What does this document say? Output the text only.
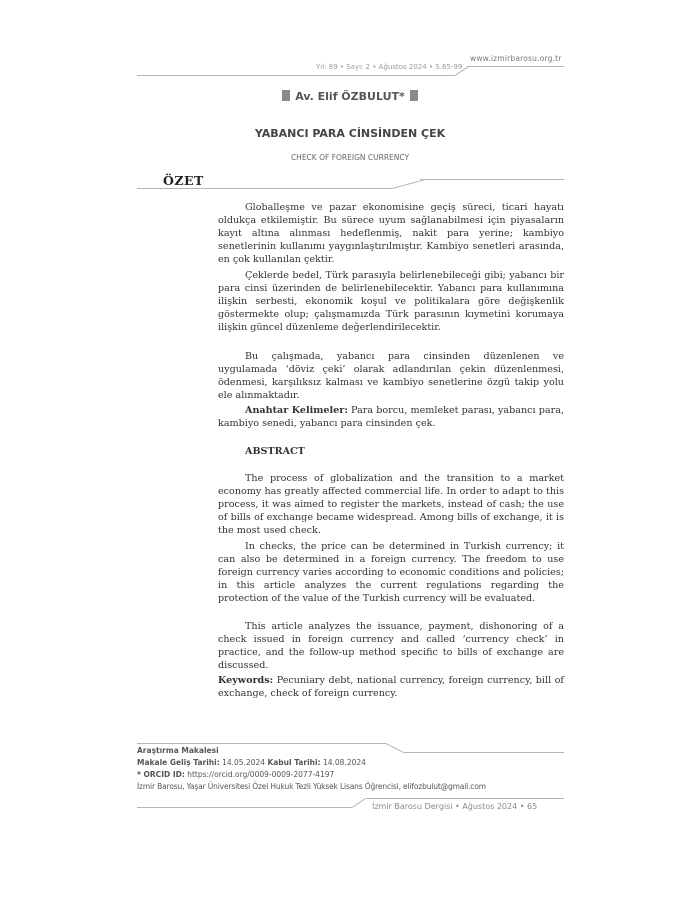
www.izmirbarosu.org.tr
Yıl: 89 • Sayı: 2 • Ağustos 2024 • S.65-99
Av. Elif ÖZBULUT*
YABANCI PARA CİNSİNDEN ÇEK
CHECK OF FOREIGN CURRENCY
ÖZET

Globalleşme ve pazar ekonomisine geçiş süreci, ticari hayatı oldukça etkilemiştir. Bu sürece uyum sağlanabilmesi için piyasaların kayıt altına alınması hedeflenmiş, nakit para yerine; kambiyo senetlerinin kullanımı yaygınlaştırılmıştır. Kambiyo senetleri arasında, en çok kullanılan çektir.

Çeklerde bedel, Türk parasıyla belirlenebileceği gibi; yabancı bir para cinsi üzerinden de belirlenebilecektir. Yabancı para kullanımına ilişkin serbesti, ekonomik koşul ve politikalara göre değişkenlik göstermekte olup; çalışmamızda Türk parasının kıymetini korumaya ilişkin güncel düzenleme değerlendirilecektir.

Bu çalışmada, yabancı para cinsinden düzenlenen ve uygulamada ‘döviz çeki’ olarak adlandırılan çekin düzenlenmesi, ödenmesi, karşılıksız kalması ve kambiyo senetlerine özgü takip yolu ele alınmaktadır.

Anahtar Kelimeler: Para borcu, memleket parası, yabancı para, kambiyo senedi, yabancı para cinsinden çek.

ABSTRACT

The process of globalization and the transition to a market economy has greatly affected commercial life. In order to adapt to this process, it was aimed to register the markets, instead of cash; the use of bills of exchange became widespread. Among bills of exchange, it is the most used check.

In checks, the price can be determined in Turkish currency; it can also be determined in a foreign currency. The freedom to use foreign currency varies according to economic conditions and policies; in this article analyzes the current regulations regarding the protection of the value of the Turkish currency will be evaluated.

This article analyzes the issuance, payment, dishonoring of a check issued in foreign currency and called ‘currency check’ in practice, and the follow-up method specific to bills of exchange are discussed.

Keywords: Pecuniary debt, national currency, foreign currency, bill of exchange, check of foreign currency.

Araştırma Makalesi
Makale Geliş Tarihi: 14.05.2024 Kabul Tarihi: 14.08.2024
* ORCID ID: https://orcid.org/0009-0009-2077-4197
İzmir Barosu, Yaşar Üniversitesi Özel Hukuk Tezli Yüksek Lisans Öğrencisi, elifozbulut@gmail.com
İzmir Barosu Dergisi • Ağustos 2024 • 65
